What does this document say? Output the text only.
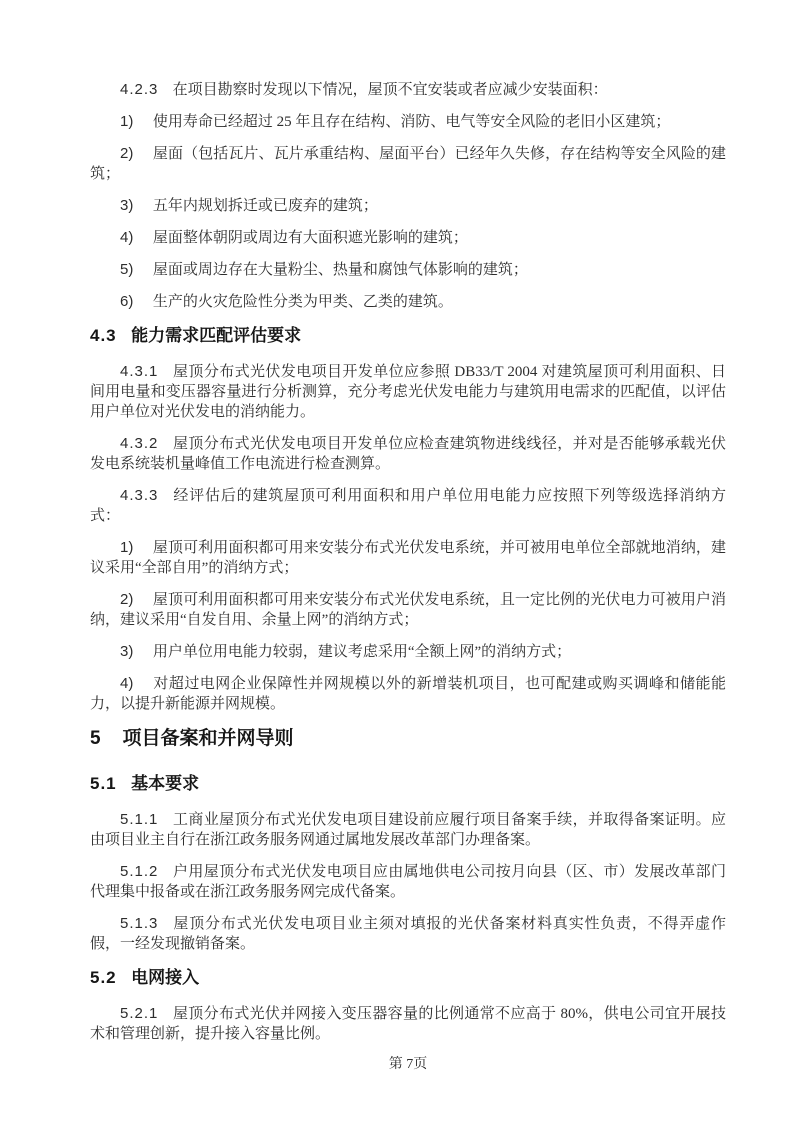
4.2.3 在项目勘察时发现以下情况，屋顶不宜安装或者应减少安装面积：

1) 使用寿命已经超过 25 年且存在结构、消防、电气等安全风险的老旧小区建筑；

2) 屋面（包括瓦片、瓦片承重结构、屋面平台）已经年久失修，存在结构等安全风险的建筑；

3) 五年内规划拆迁或已废弃的建筑；

4) 屋面整体朝阴或周边有大面积遮光影响的建筑；

5) 屋面或周边存在大量粉尘、热量和腐蚀气体影响的建筑；

6) 生产的火灾危险性分类为甲类、乙类的建筑。

4.3 能力需求匹配评估要求

4.3.1 屋顶分布式光伏发电项目开发单位应参照 DB33/T 2004 对建筑屋顶可利用面积、日间用电量和变压器容量进行分析测算，充分考虑光伏发电能力与建筑用电需求的匹配值，以评估用户单位对光伏发电的消纳能力。

4.3.2 屋顶分布式光伏发电项目开发单位应检查建筑物进线线径，并对是否能够承载光伏发电系统装机量峰值工作电流进行检查测算。

4.3.3 经评估后的建筑屋顶可利用面积和用户单位用电能力应按照下列等级选择消纳方式：

1) 屋顶可利用面积都可用来安装分布式光伏发电系统，并可被用电单位全部就地消纳，建议采用“全部自用”的消纳方式；

2) 屋顶可利用面积都可用来安装分布式光伏发电系统，且一定比例的光伏电力可被用户消纳，建议采用“自发自用、余量上网”的消纳方式；

3) 用户单位用电能力较弱，建议考虑采用“全额上网”的消纳方式；

4) 对超过电网企业保障性并网规模以外的新增装机项目，也可配建或购买调峰和储能能力，以提升新能源并网规模。

5 项目备案和并网导则
5.1 基本要求

5.1.1 工商业屋顶分布式光伏发电项目建设前应履行项目备案手续，并取得备案证明。应由项目业主自行在浙江政务服务网通过属地发展改革部门办理备案。

5.1.2 户用屋顶分布式光伏发电项目应由属地供电公司按月向县（区、市）发展改革部门代理集中报备或在浙江政务服务网完成代备案。

5.1.3 屋顶分布式光伏发电项目业主须对填报的光伏备案材料真实性负责，不得弄虚作假，一经发现撤销备案。

5.2 电网接入

5.2.1 屋顶分布式光伏并网接入变压器容量的比例通常不应高于 80%，供电公司宜开展技术和管理创新，提升接入容量比例。

第 7页
